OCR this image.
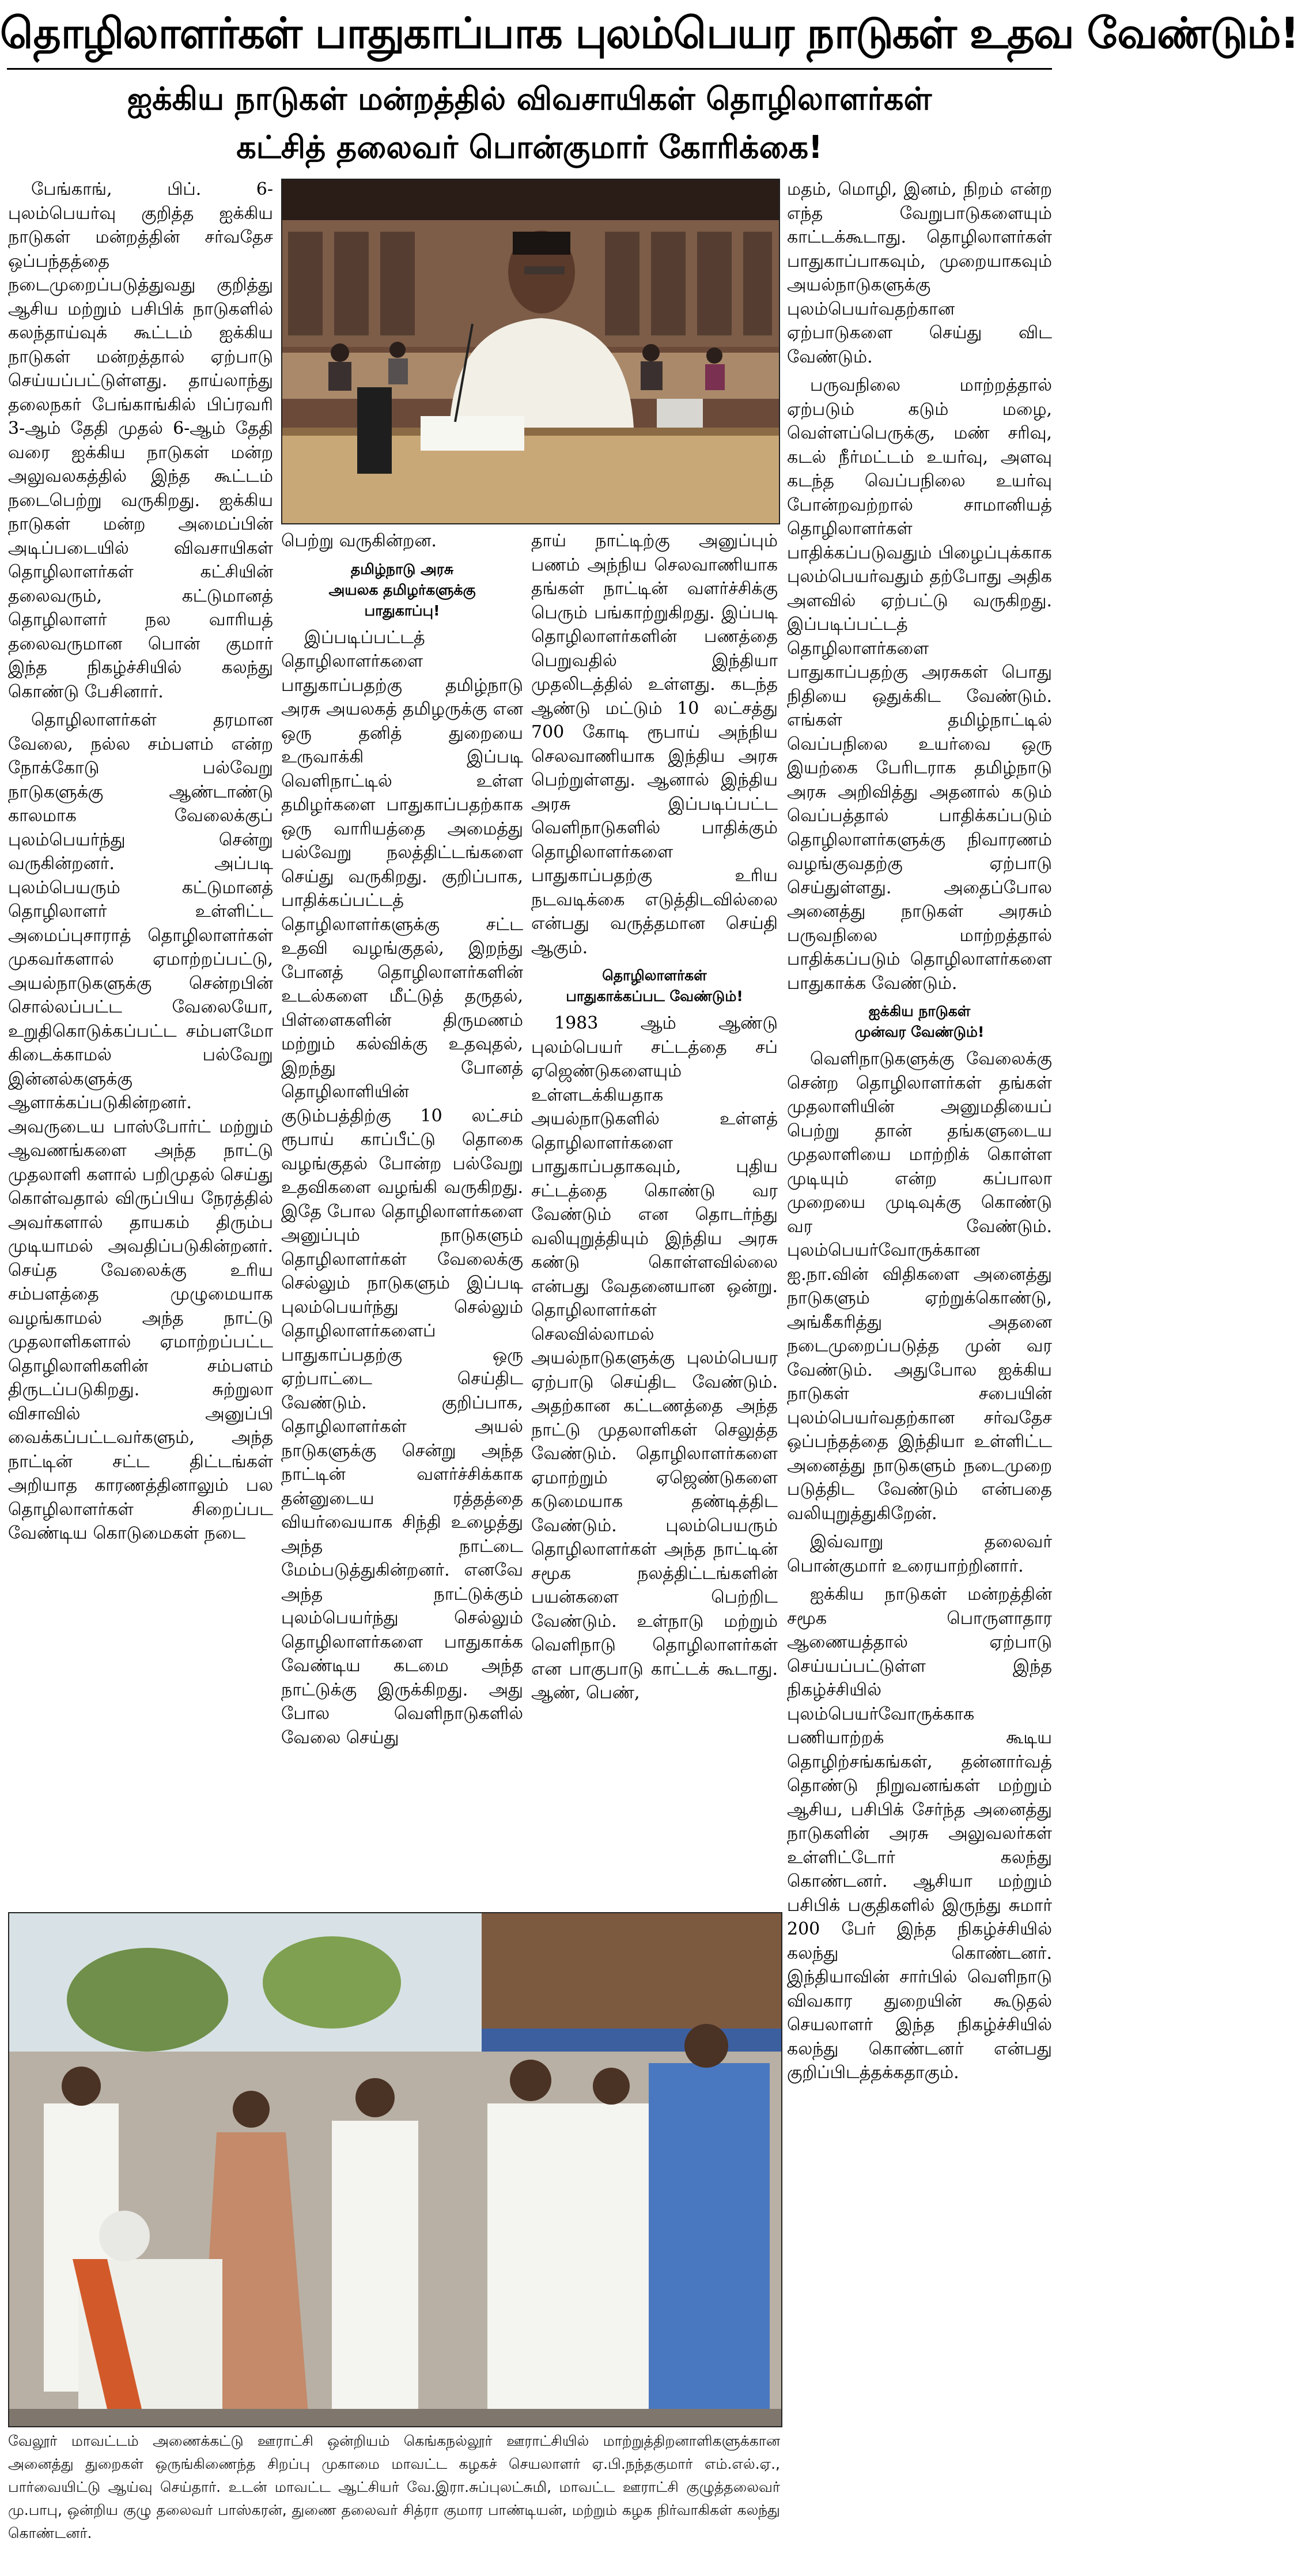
தொழிலாளர்கள் பாதுகாப்பாக புலம்பெயர நாடுகள் உதவ வேண்டும்!
ஐக்கிய நாடுகள் மன்றத்தில் விவசாயிகள் தொழிலாளர்கள்
கட்சித் தலைவர் பொன்குமார் கோரிக்கை!

பேங்காங், பிப். 6- புலம்பெயர்வு குறித்த ஐக்கிய நாடுகள் மன்றத்தின் சர்வதேச ஒப்பந்தத்தை நடைமுறைப்படுத்துவது குறித்து ஆசிய மற்றும் பசிபிக் நாடுகளில் கலந்தாய்வுக் கூட்டம் ஐக்கிய நாடுகள் மன்றத்தால் ஏற்பாடு செய்யப்பட்டுள்ளது. தாய்லாந்து தலைநகர் பேங்காங்கில் பிப்ரவரி 3-ஆம் தேதி முதல் 6-ஆம் தேதி வரை ஐக்கிய நாடுகள் மன்ற அலுவலகத்தில் இந்த கூட்டம் நடைபெற்று வருகிறது. ஐக்கிய நாடுகள் மன்ற அமைப்பின் அடிப்படையில் விவசாயிகள் தொழிலாளர்கள் கட்சியின் தலைவரும், கட்டுமானத் தொழிலாளர் நல வாரியத் தலைவருமான பொன் குமார் இந்த நிகழ்ச்சியில் கலந்து கொண்டு பேசினார்.

தொழிலாளர்கள் தரமான வேலை, நல்ல சம்பளம் என்ற நோக்கோடு பல்வேறு நாடுகளுக்கு ஆண்டாண்டு காலமாக வேலைக்குப் புலம்பெயர்ந்து சென்று வருகின்றனர். அப்படி புலம்பெயரும் கட்டுமானத் தொழிலாளர் உள்ளிட்ட அமைப்புசாராத் தொழிலாளர்கள் முகவர்களால் ஏமாற்றப்பட்டு, அயல்நாடுகளுக்கு சென்றபின் சொல்லப்பட்ட வேலையோ, உறுதிகொடுக்கப்பட்ட சம்பளமோ கிடைக்காமல் பல்வேறு இன்னல்களுக்கு ஆளாக்கப்படுகின்றனர். அவருடைய பாஸ்போர்ட் மற்றும் ஆவணங்களை அந்த நாட்டு முதலாளி களால் பறிமுதல் செய்து கொள்வதால் விருப்பிய நேரத்தில் அவர்களால் தாயகம் திரும்ப முடியாமல் அவதிப்படுகின்றனர். செய்த வேலைக்கு உரிய சம்பளத்தை முழுமையாக வழங்காமல் அந்த நாட்டு முதலாளிகளால் ஏமாற்றப்பட்ட தொழிலாளிகளின் சம்பளம் திருடப்படுகிறது. சுற்றுலா விசாவில் அனுப்பி வைக்கப்பட்டவர்களும், அந்த நாட்டின் சட்ட திட்டங்கள் அறியாத காரணத்தினாலும் பல தொழிலாளர்கள் சிறைப்பட வேண்டிய கொடுமைகள் நடை

பெற்று வருகின்றன.

தமிழ்நாடு அரசு
அயலக தமிழர்களுக்கு
பாதுகாப்பு!

இப்படிப்பட்டத் தொழிலாளர்களை பாதுகாப்பதற்கு தமிழ்நாடு அரசு அயலகத் தமிழருக்கு என ஒரு தனித் துறையை உருவாக்கி இப்படி வெளிநாட்டில் உள்ள தமிழர்களை பாதுகாப்பதற்காக ஒரு வாரியத்தை அமைத்து பல்வேறு நலத்திட்டங்களை செய்து வருகிறது. குறிப்பாக, பாதிக்கப்பட்டத் தொழிலாளர்களுக்கு சட்ட உதவி வழங்குதல், இறந்து போனத் தொழிலாளர்களின் உடல்களை மீட்டுத் தருதல், பிள்ளைகளின் திருமணம் மற்றும் கல்விக்கு உதவுதல், இறந்து போனத் தொழிலாளியின் குடும்பத்திற்கு 10 லட்சம் ரூபாய் காப்பீட்டு தொகை வழங்குதல் போன்ற பல்வேறு உதவிகளை வழங்கி வருகிறது. இதே போல தொழிலாளர்களை அனுப்பும் நாடுகளும் தொழிலாளர்கள் வேலைக்கு செல்லும் நாடுகளும் இப்படி புலம்பெயர்ந்து செல்லும் தொழிலாளர்களைப் பாதுகாப்பதற்கு ஒரு ஏற்பாட்டை செய்திட வேண்டும். குறிப்பாக, தொழிலாளர்கள் அயல் நாடுகளுக்கு சென்று அந்த நாட்டின் வளர்ச்சிக்காக தன்னுடைய ரத்தத்தை வியர்வையாக சிந்தி உழைத்து அந்த நாட்டை மேம்படுத்துகின்றனர். எனவே அந்த நாட்டுக்கும் புலம்பெயர்ந்து செல்லும் தொழிலாளர்களை பாதுகாக்க வேண்டிய கடமை அந்த நாட்டுக்கு இருக்கிறது. அது போல வெளிநாடுகளில் வேலை செய்து

தாய் நாட்டிற்கு அனுப்பும் பணம் அந்நிய செலவாணியாக தங்கள் நாட்டின் வளர்ச்சிக்கு பெரும் பங்காற்றுகிறது. இப்படி தொழிலாளர்களின் பணத்தை பெறுவதில் இந்தியா முதலிடத்தில் உள்ளது. கடந்த ஆண்டு மட்டும் 10 லட்சத்து 700 கோடி ரூபாய் அந்நிய செலவாணியாக இந்திய அரசு பெற்றுள்ளது. ஆனால் இந்திய அரசு இப்படிப்பட்ட வெளிநாடுகளில் பாதிக்கும் தொழிலாளர்களை பாதுகாப்பதற்கு உரிய நடவடிக்கை எடுத்திடவில்லை என்பது வருத்தமான செய்தி ஆகும்.

தொழிலாளர்கள்
பாதுகாக்கப்பட வேண்டும்!

1983 ஆம் ஆண்டு புலம்பெயர் சட்டத்தை சப் ஏஜெண்டுகளையும் உள்ளடக்கியதாக அயல்நாடுகளில் உள்ளத் தொழிலாளர்களை பாதுகாப்பதாகவும், புதிய சட்டத்தை கொண்டு வர வேண்டும் என தொடர்ந்து வலியுறுத்தியும் இந்திய அரசு கண்டு கொள்ளவில்லை என்பது வேதனையான ஒன்று. தொழிலாளர்கள் செலவில்லாமல் அயல்நாடுகளுக்கு புலம்பெயர ஏற்பாடு செய்திட வேண்டும். அதற்கான கட்டணத்தை அந்த நாட்டு முதலாளிகள் செலுத்த வேண்டும். தொழிலாளர்களை ஏமாற்றும் ஏஜெண்டுகளை கடுமையாக தண்டித்திட வேண்டும். புலம்பெயரும் தொழிலாளர்கள் அந்த நாட்டின் சமூக நலத்திட்டங்களின் பயன்களை பெற்றிட வேண்டும். உள்நாடு மற்றும் வெளிநாடு தொழிலாளர்கள் என பாகுபாடு காட்டக் கூடாது. ஆண், பெண்,

மதம், மொழி, இனம், நிறம் என்ற எந்த வேறுபாடுகளையும் காட்டக்கூடாது. தொழிலாளர்கள் பாதுகாப்பாகவும், முறையாகவும் அயல்நாடுகளுக்கு புலம்பெயர்வதற்கான ஏற்பாடுகளை செய்து விட வேண்டும்.

பருவநிலை மாற்றத்தால் ஏற்படும் கடும் மழை, வெள்ளப்பெருக்கு, மண் சரிவு, கடல் நீர்மட்டம் உயர்வு, அளவு கடந்த வெப்பநிலை உயர்வு போன்றவற்றால் சாமானியத் தொழிலாளர்கள் பாதிக்கப்படுவதும் பிழைப்புக்காக புலம்பெயர்வதும் தற்போது அதிக அளவில் ஏற்பட்டு வருகிறது. இப்படிப்பட்டத் தொழிலாளர்களை பாதுகாப்பதற்கு அரசுகள் பொது நிதியை ஒதுக்கிட வேண்டும். எங்கள் தமிழ்நாட்டில் வெப்பநிலை உயர்வை ஒரு இயற்கை பேரிடராக தமிழ்நாடு அரசு அறிவித்து அதனால் கடும் வெப்பத்தால் பாதிக்கப்படும் தொழிலாளர்களுக்கு நிவாரணம் வழங்குவதற்கு ஏற்பாடு செய்துள்ளது. அதைப்போல அனைத்து நாடுகள் அரசும் பருவநிலை மாற்றத்தால் பாதிக்கப்படும் தொழிலாளர்களை பாதுகாக்க வேண்டும்.

ஐக்கிய நாடுகள்
முன்வர வேண்டும்!

வெளிநாடுகளுக்கு வேலைக்கு சென்ற தொழிலாளர்கள் தங்கள் முதலாளியின் அனுமதியைப் பெற்று தான் தங்களுடைய முதலாளியை மாற்றிக் கொள்ள முடியும் என்ற கப்பாலா முறையை முடிவுக்கு கொண்டு வர வேண்டும். புலம்பெயர்வோருக்கான ஐ.நா.வின் விதிகளை அனைத்து நாடுகளும் ஏற்றுக்கொண்டு, அங்கீகரித்து அதனை நடைமுறைப்படுத்த முன் வர வேண்டும். அதுபோல ஐக்கிய நாடுகள் சபையின் புலம்பெயர்வதற்கான சர்வதேச ஒப்பந்தத்தை இந்தியா உள்ளிட்ட அனைத்து நாடுகளும் நடைமுறை படுத்திட வேண்டும் என்பதை வலியுறுத்துகிறேன்.

இவ்வாறு தலைவர் பொன்குமார் உரையாற்றினார்.

ஐக்கிய நாடுகள் மன்றத்தின் சமூக பொருளாதார ஆணையத்தால் ஏற்பாடு செய்யப்பட்டுள்ள இந்த நிகழ்ச்சியில் புலம்பெயர்வோருக்காக பணியாற்றக் கூடிய தொழிற்சங்கங்கள், தன்னார்வத் தொண்டு நிறுவனங்கள் மற்றும் ஆசிய, பசிபிக் சேர்ந்த அனைத்து நாடுகளின் அரசு அலுவலர்கள் உள்ளிட்டோர் கலந்து கொண்டனர். ஆசியா மற்றும் பசிபிக் பகுதிகளில் இருந்து சுமார் 200 பேர் இந்த நிகழ்ச்சியில் கலந்து கொண்டனர். இந்தியாவின் சார்பில் வெளிநாடு விவகார துறையின் கூடுதல் செயலாளர் இந்த நிகழ்ச்சியில் கலந்து கொண்டனர் என்பது குறிப்பிடத்தக்கதாகும்.

வேலூர் மாவட்டம் அணைக்கட்டு ஊராட்சி ஒன்றியம் கெங்கநல்லூர் ஊராட்சியில் மாற்றுத்திறனாளிகளுக்கான அனைத்து துறைகள் ஒருங்கிணைந்த சிறப்பு முகாமை மாவட்ட கழகச் செயலாளர் ஏ.பி.நந்தகுமார் எம்.எல்.ஏ., பார்வையிட்டு ஆய்வு செய்தார். உடன் மாவட்ட ஆட்சியர் வே.இரா.சுப்புலட்சுமி, மாவட்ட ஊராட்சி குழுத்தலைவர் மு.பாபு, ஒன்றிய குழு தலைவர் பாஸ்கரன், துணை தலைவர் சித்ரா குமார பாண்டியன், மற்றும் கழக நிர்வாகிகள் கலந்து கொண்டனர்.
